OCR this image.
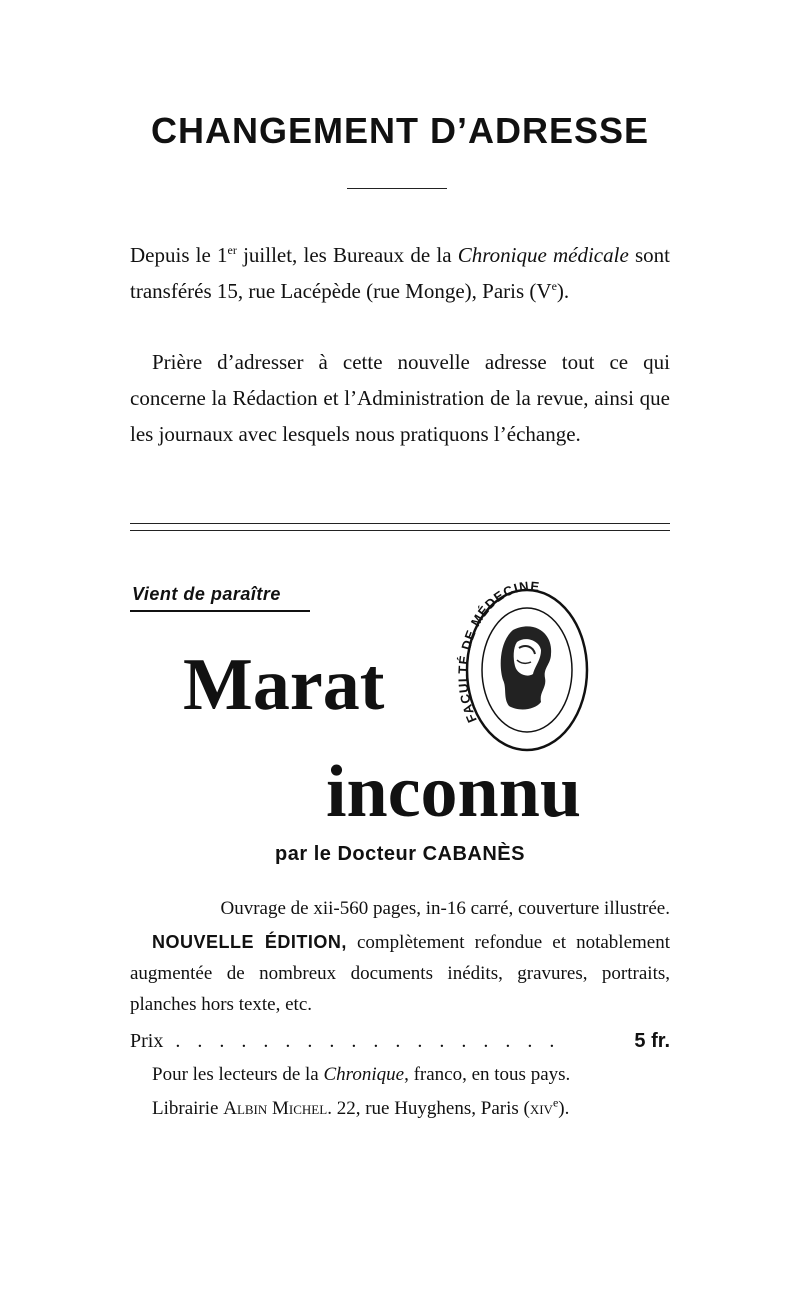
CHANGEMENT D’ADRESSE
Depuis le 1er juillet, les Bureaux de la Chronique médicale sont transférés 15, rue Lacépède (rue Monge), Paris (Ve).
Prière d’adresser à cette nouvelle adresse tout ce qui concerne la Rédaction et l’Administration de la revue, ainsi que les journaux avec lesquels nous pratiquons l’échange.
Vient de paraître
Marat	FACULTÉ DE MÉDECINE
inconnu
par le Docteur CABANÈS
Ouvrage de xii-560 pages, in-16 carré, couverture illustrée.
NOUVELLE ÉDITION, complètement refondue et notablement augmentée de nombreux documents inédits, gravures, portraits, planches hors texte, etc.
Prix . . . . . . . . . . . . . . . . . .	5 fr.
Pour les lecteurs de la Chronique, franco, en tous pays.
Librairie Albin Michel. 22, rue Huyghens, Paris (xiv$^e$).
